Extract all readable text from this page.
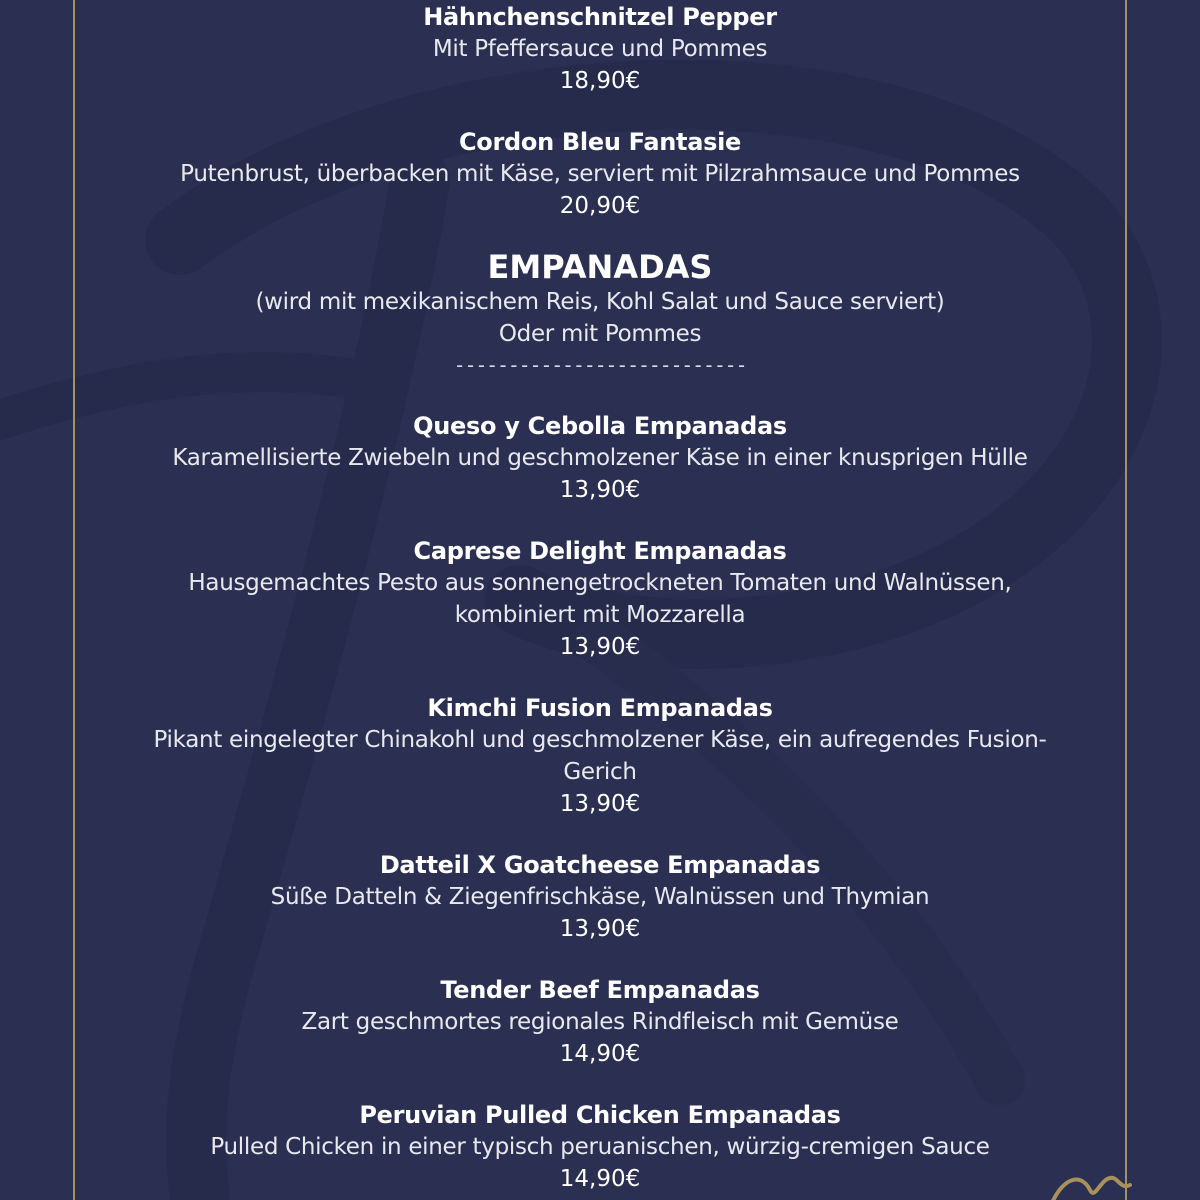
Hähnchenschnitzel Pepper
Mit Pfeffersauce und Pommes
18,90€
Cordon Bleu Fantasie
Putenbrust, überbacken mit Käse, serviert mit Pilzrahmsauce und Pommes
20,90€
EMPANADAS
(wird mit mexikanischem Reis, Kohl Salat und Sauce serviert)
Oder mit Pommes
---------------------------
Queso y Cebolla Empanadas
Karamellisierte Zwiebeln und geschmolzener Käse in einer knusprigen Hülle
13,90€
Caprese Delight Empanadas
Hausgemachtes Pesto aus sonnengetrockneten Tomaten und Walnüssen,
kombiniert mit Mozzarella
13,90€
Kimchi Fusion Empanadas
Pikant eingelegter Chinakohl und geschmolzener Käse, ein aufregendes Fusion-
Gerich
13,90€
Datteil X Goatcheese Empanadas
Süße Datteln & Ziegenfrischkäse, Walnüssen und Thymian
13,90€
Tender Beef Empanadas
Zart geschmortes regionales Rindfleisch mit Gemüse
14,90€
Peruvian Pulled Chicken Empanadas
Pulled Chicken in einer typisch peruanischen, würzig-cremigen Sauce
14,90€
